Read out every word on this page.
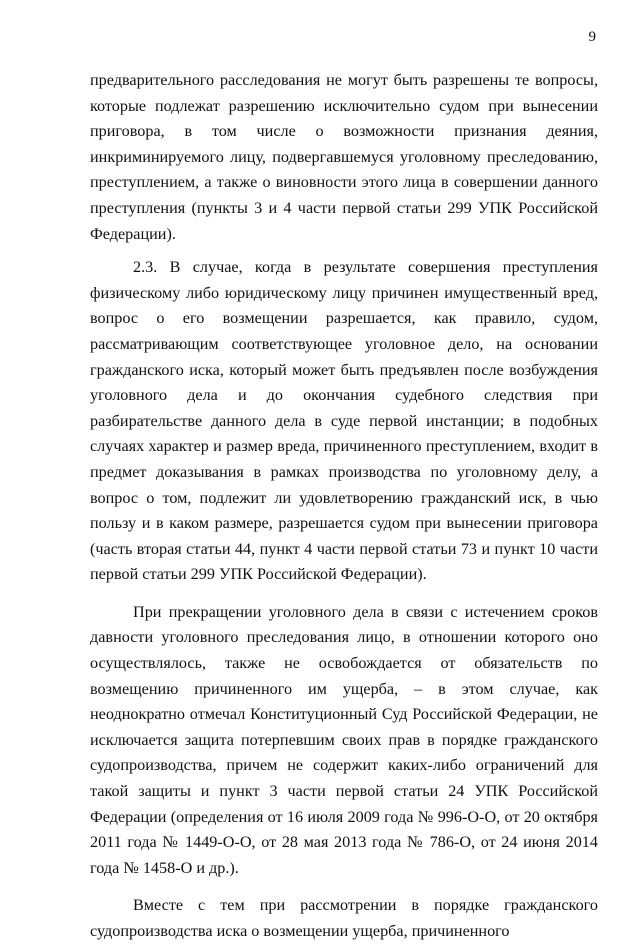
9

предварительного расследования не могут быть разрешены те вопросы, которые подлежат разрешению исключительно судом при вынесении приговора, в том числе о возможности признания деяния, инкриминируемого лицу, подвергавшемуся уголовному преследованию, преступлением, а также о виновности этого лица в совершении данного преступления (пункты 3 и 4 части первой статьи 299 УПК Российской Федерации).

2.3. В случае, когда в результате совершения преступления физическому либо юридическому лицу причинен имущественный вред, вопрос о его возмещении разрешается, как правило, судом, рассматривающим соответствующее уголовное дело, на основании гражданского иска, который может быть предъявлен после возбуждения уголовного дела и до окончания судебного следствия при разбирательстве данного дела в суде первой инстанции; в подобных случаях характер и размер вреда, причиненного преступлением, входит в предмет доказывания в рамках производства по уголовному делу, а вопрос о том, подлежит ли удовлетворению гражданский иск, в чью пользу и в каком размере, разрешается судом при вынесении приговора (часть вторая статьи 44, пункт 4 части первой статьи 73 и пункт 10 части первой статьи 299 УПК Российской Федерации).

При прекращении уголовного дела в связи с истечением сроков давности уголовного преследования лицо, в отношении которого оно осуществлялось, также не освобождается от обязательств по возмещению причиненного им ущерба, – в этом случае, как неоднократно отмечал Конституционный Суд Российской Федерации, не исключается защита потерпевшим своих прав в порядке гражданского судопроизводства, причем не содержит каких-либо ограничений для такой защиты и пункт 3 части первой статьи 24 УПК Российской Федерации (определения от 16 июля 2009 года № 996-О-О, от 20 октября 2011 года № 1449-О-О, от 28 мая 2013 года № 786-О, от 24 июня 2014 года № 1458-О и др.).

Вместе с тем при рассмотрении в порядке гражданского судопроизводства иска о возмещении ущерба, причиненного
